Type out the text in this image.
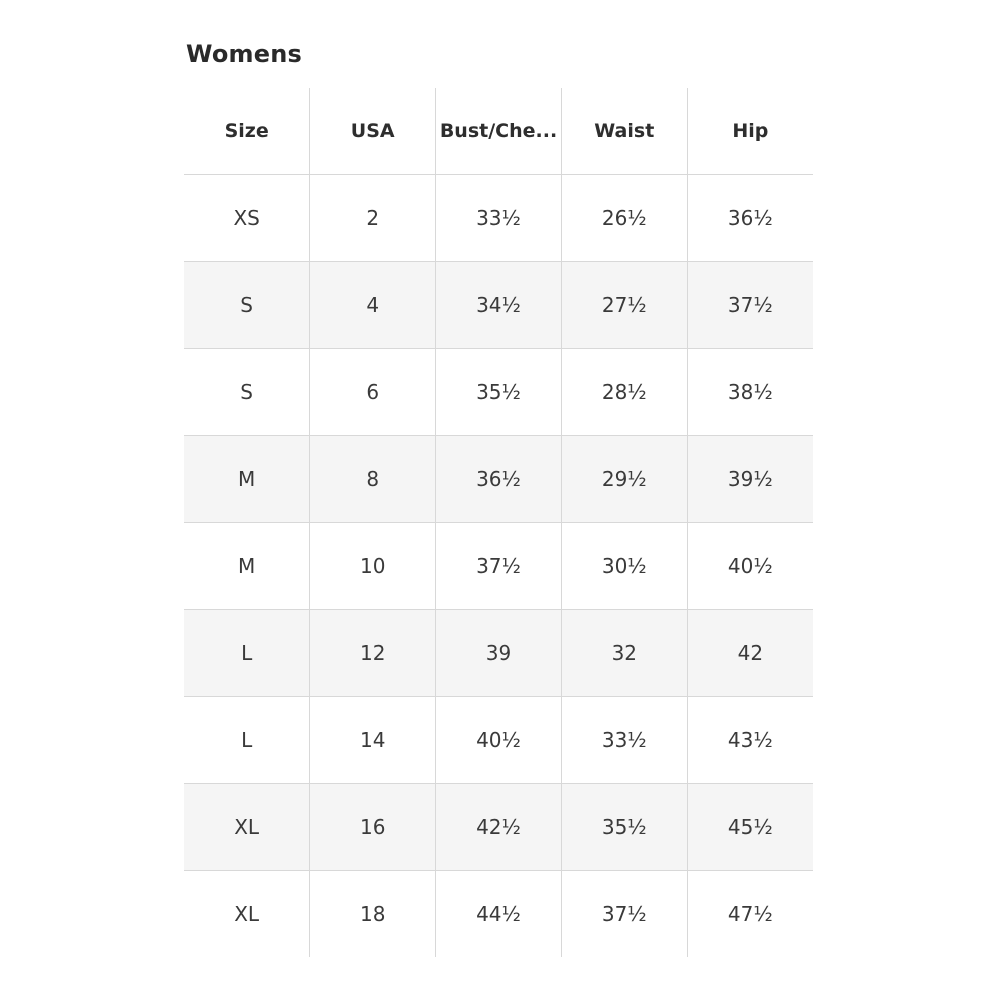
Womens
Size	USA	Bust/Che...	Waist	Hip
XS	2	33½	26½	36½
S	4	34½	27½	37½
S	6	35½	28½	38½
M	8	36½	29½	39½
M	10	37½	30½	40½
L	12	39	32	42
L	14	40½	33½	43½
XL	16	42½	35½	45½
XL	18	44½	37½	47½
